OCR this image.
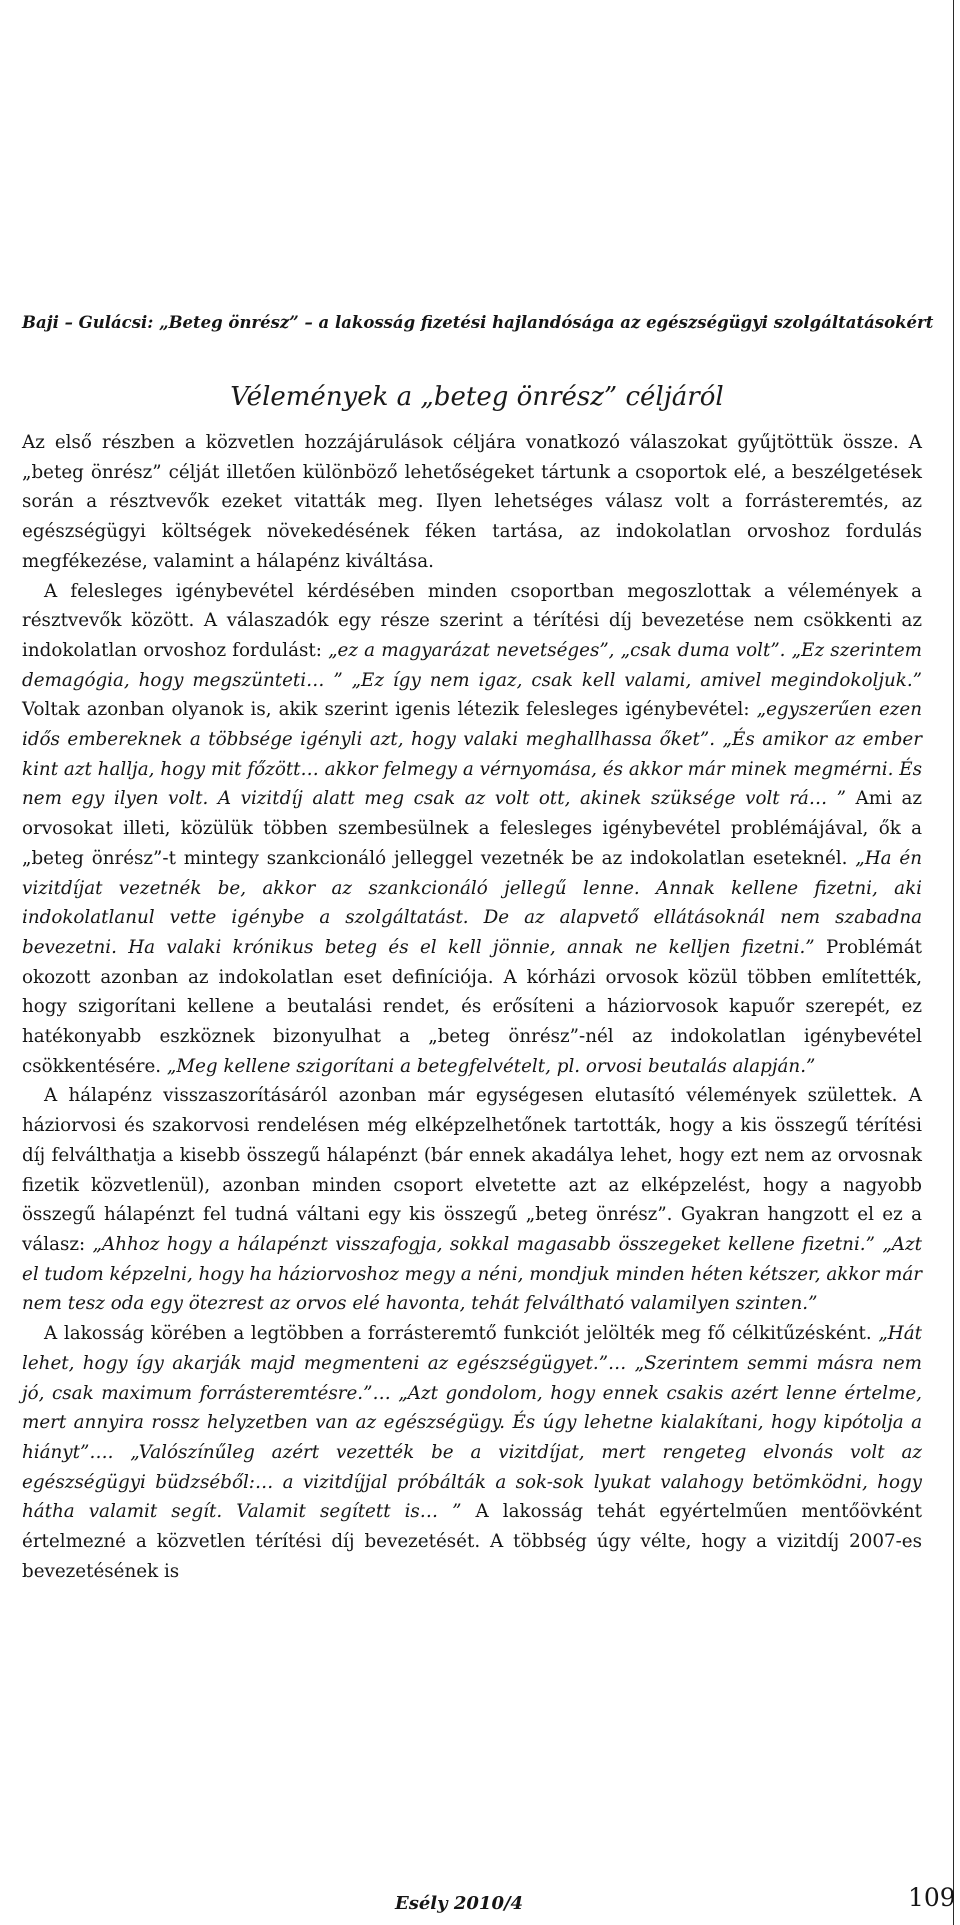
Baji – Gulácsi: „Beteg önrész” – a lakosság fizetési hajlandósága az egészségügyi szolgáltatásokért
Vélemények a „beteg önrész” céljáról

Az első részben a közvetlen hozzájárulások céljára vonatkozó válaszokat gyűjtöttük össze. A „beteg önrész” célját illetően különböző lehetőségeket tártunk a csoportok elé, a beszélgetések során a résztvevők ezeket vitatták meg. Ilyen lehetséges válasz volt a forrásteremtés, az egészségügyi költségek növekedésének féken tartása, az indokolatlan orvoshoz fordulás megfékezése, valamint a hálapénz kiváltása.

A felesleges igénybevétel kérdésében minden csoportban megoszlottak a vélemények a résztvevők között. A válaszadók egy része szerint a térítési díj bevezetése nem csökkenti az indokolatlan orvoshoz fordulást: „ez a magyarázat nevetséges”, „csak duma volt”. „Ez szerintem demagógia, hogy megszünteti… ” „Ez így nem igaz, csak kell valami, amivel megindokoljuk.” Voltak azonban olyanok is, akik szerint igenis létezik felesleges igénybevétel: „egyszerűen ezen idős embereknek a többsége igényli azt, hogy valaki meghallhassa őket”. „És amikor az ember kint azt hallja, hogy mit főzött… akkor felmegy a vérnyomása, és akkor már minek megmérni. És nem egy ilyen volt. A vizitdíj alatt meg csak az volt ott, akinek szüksége volt rá… ” Ami az orvosokat illeti, közülük többen szembesülnek a felesleges igénybevétel problémájával, ők a „beteg önrész”-t mintegy szankcionáló jelleggel vezetnék be az indokolatlan eseteknél. „Ha én vizitdíjat vezetnék be, akkor az szankcionáló jellegű lenne. Annak kellene fizetni, aki indokolatlanul vette igénybe a szolgáltatást. De az alapvető ellátásoknál nem szabadna bevezetni. Ha valaki krónikus beteg és el kell jönnie, annak ne kelljen fizetni.” Problémát okozott azonban az indokolatlan eset definíciója. A kórházi orvosok közül többen említették, hogy szigorítani kellene a beutalási rendet, és erősíteni a háziorvosok kapuőr szerepét, ez hatékonyabb eszköznek bizonyulhat a „beteg önrész”-nél az indokolatlan igénybevétel csökkentésére. „Meg kellene szigorítani a betegfelvételt, pl. orvosi beutalás alapján.”

A hálapénz visszaszorításáról azonban már egységesen elutasító vélemények születtek. A háziorvosi és szakorvosi rendelésen még elképzelhetőnek tartották, hogy a kis összegű térítési díj felválthatja a kisebb összegű hálapénzt (bár ennek akadálya lehet, hogy ezt nem az orvosnak fizetik közvetlenül), azonban minden csoport elvetette azt az elképzelést, hogy a nagyobb összegű hálapénzt fel tudná váltani egy kis összegű „beteg önrész”. Gyakran hangzott el ez a válasz: „Ahhoz hogy a hálapénzt visszafogja, sokkal magasabb összegeket kellene fizetni.” „Azt el tudom képzelni, hogy ha háziorvoshoz megy a néni, mondjuk minden héten kétszer, akkor már nem tesz oda egy ötezrest az orvos elé havonta, tehát felváltható valamilyen szinten.”

A lakosság körében a legtöbben a forrásteremtő funkciót jelölték meg fő célkitűzésként. „Hát lehet, hogy így akarják majd megmenteni az egészségügyet.”… „Szerintem semmi másra nem jó, csak maximum forrásteremtésre.”… „Azt gondolom, hogy ennek csakis azért lenne értelme, mert annyira rossz helyzetben van az egészségügy. És úgy lehetne kialakítani, hogy kipótolja a hiányt”…. „Valószínűleg azért vezették be a vizitdíjat, mert rengeteg elvonás volt az egészségügyi büdzséből:… a vizitdíjjal próbálták a sok-sok lyukat valahogy betömködni, hogy hátha valamit segít. Valamit segített is… ” A lakosság tehát egyértelműen mentőövként értelmezné a közvetlen térítési díj bevezetését. A többség úgy vélte, hogy a vizitdíj 2007-es bevezetésének is

Esély 2010/4	109
